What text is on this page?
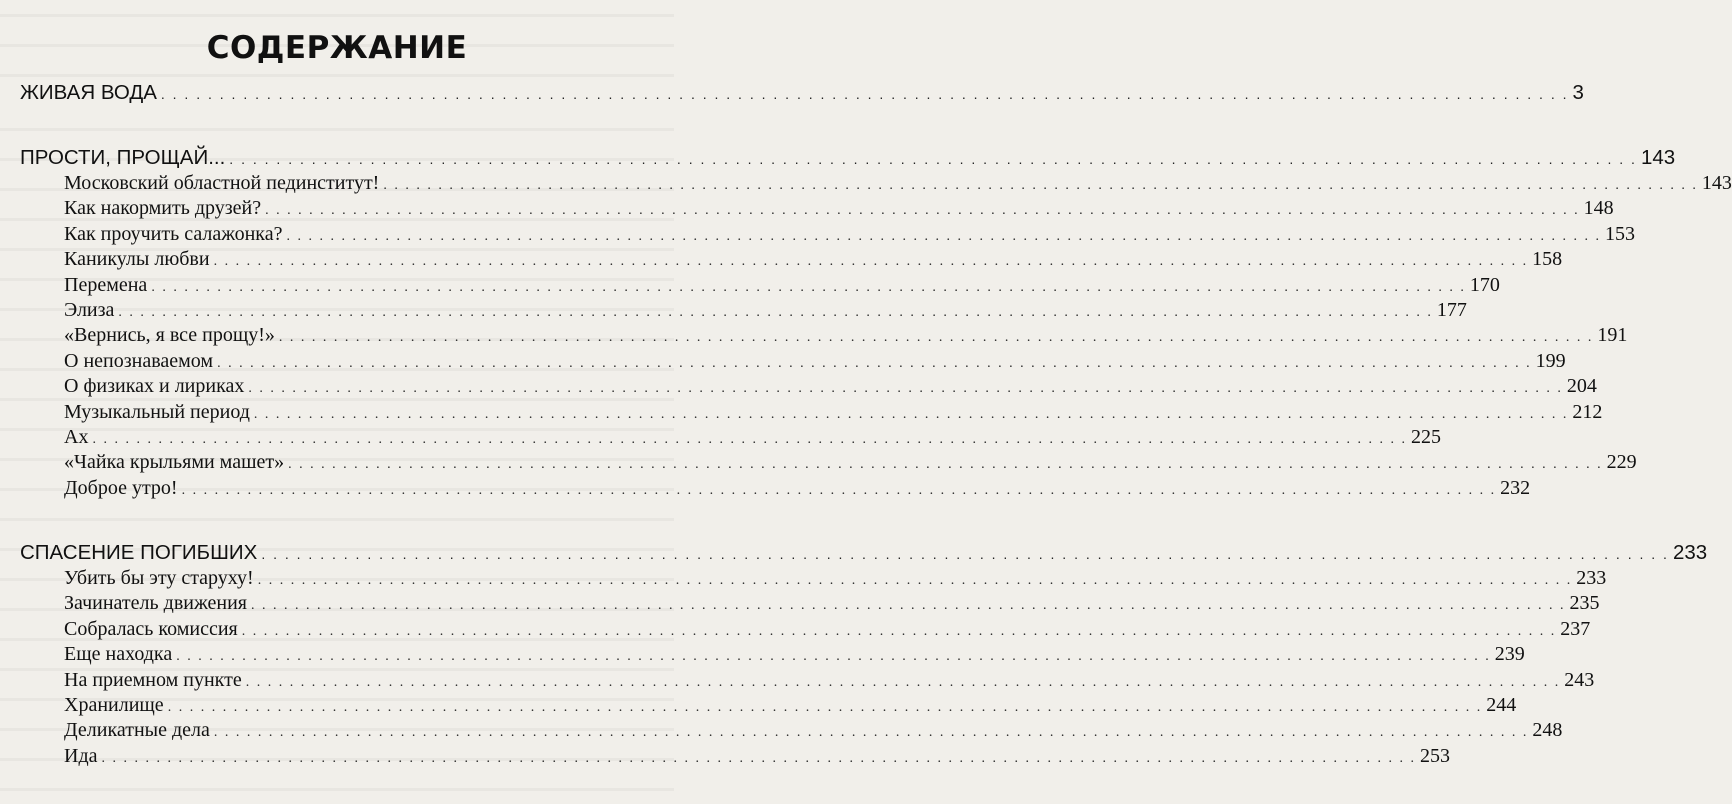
СОДЕРЖАНИЕ
ЖИВАЯ ВОДА . . . . . . . . . . . . . . . . . . . . . . . . . . . . . . . . . . . . . . . . . . . . . . . . . . . . . . . . . . . . . . . . . . . . . . . . . . . . . . . . . . . . . . . . . . . . . . . . . . . . . . . . . . . . . . . . . . . . . . . . 3
ПРОСТИ, ПРОЩАЙ... . . . . . . . . . . . . . . . . . . . . . . . . . . . . . . . . . . . . . . . . . . . . . . . . . . . . . . . . . . . . . . . . . . . . . . . . . . . . . . . . . . . . . . . . . . . . . . . . . . . . . . . . . . . . . . . . . . . . . . . . 143
Московский областной пединститут! . . . . . . . . . . . . . . . . . . . . . . . . . . . . . . . . . . . . . . . . . . . . . . . . . . . . . . . . . . . . . . . . . . . . . . . . . . . . . . . . . . . . . . . . . . . . . . . . . . . . . . . . . . . . . . . . . . . . . . . . 143
Как накормить друзей? . . . . . . . . . . . . . . . . . . . . . . . . . . . . . . . . . . . . . . . . . . . . . . . . . . . . . . . . . . . . . . . . . . . . . . . . . . . . . . . . . . . . . . . . . . . . . . . . . . . . . . . . . . . . . . . . . . . . . . . . 148
Как проучить салажонка? . . . . . . . . . . . . . . . . . . . . . . . . . . . . . . . . . . . . . . . . . . . . . . . . . . . . . . . . . . . . . . . . . . . . . . . . . . . . . . . . . . . . . . . . . . . . . . . . . . . . . . . . . . . . . . . . . . . . . . . . 153
Каникулы любви . . . . . . . . . . . . . . . . . . . . . . . . . . . . . . . . . . . . . . . . . . . . . . . . . . . . . . . . . . . . . . . . . . . . . . . . . . . . . . . . . . . . . . . . . . . . . . . . . . . . . . . . . . . . . . . . . . . . . . . . 158
Перемена . . . . . . . . . . . . . . . . . . . . . . . . . . . . . . . . . . . . . . . . . . . . . . . . . . . . . . . . . . . . . . . . . . . . . . . . . . . . . . . . . . . . . . . . . . . . . . . . . . . . . . . . . . . . . . . . . . . . . . . . 170
Элиза . . . . . . . . . . . . . . . . . . . . . . . . . . . . . . . . . . . . . . . . . . . . . . . . . . . . . . . . . . . . . . . . . . . . . . . . . . . . . . . . . . . . . . . . . . . . . . . . . . . . . . . . . . . . . . . . . . . . . . . . 177
«Вернись, я все прощу!» . . . . . . . . . . . . . . . . . . . . . . . . . . . . . . . . . . . . . . . . . . . . . . . . . . . . . . . . . . . . . . . . . . . . . . . . . . . . . . . . . . . . . . . . . . . . . . . . . . . . . . . . . . . . . . . . . . . . . . . . 191
О непознаваемом . . . . . . . . . . . . . . . . . . . . . . . . . . . . . . . . . . . . . . . . . . . . . . . . . . . . . . . . . . . . . . . . . . . . . . . . . . . . . . . . . . . . . . . . . . . . . . . . . . . . . . . . . . . . . . . . . . . . . . . . 199
О физиках и лириках . . . . . . . . . . . . . . . . . . . . . . . . . . . . . . . . . . . . . . . . . . . . . . . . . . . . . . . . . . . . . . . . . . . . . . . . . . . . . . . . . . . . . . . . . . . . . . . . . . . . . . . . . . . . . . . . . . . . . . . . 204
Музыкальный период . . . . . . . . . . . . . . . . . . . . . . . . . . . . . . . . . . . . . . . . . . . . . . . . . . . . . . . . . . . . . . . . . . . . . . . . . . . . . . . . . . . . . . . . . . . . . . . . . . . . . . . . . . . . . . . . . . . . . . . . 212
Ах . . . . . . . . . . . . . . . . . . . . . . . . . . . . . . . . . . . . . . . . . . . . . . . . . . . . . . . . . . . . . . . . . . . . . . . . . . . . . . . . . . . . . . . . . . . . . . . . . . . . . . . . . . . . . . . . . . . . . . . . 225
«Чайка крыльями машет» . . . . . . . . . . . . . . . . . . . . . . . . . . . . . . . . . . . . . . . . . . . . . . . . . . . . . . . . . . . . . . . . . . . . . . . . . . . . . . . . . . . . . . . . . . . . . . . . . . . . . . . . . . . . . . . . . . . . . . . . 229
Доброе утро! . . . . . . . . . . . . . . . . . . . . . . . . . . . . . . . . . . . . . . . . . . . . . . . . . . . . . . . . . . . . . . . . . . . . . . . . . . . . . . . . . . . . . . . . . . . . . . . . . . . . . . . . . . . . . . . . . . . . . . . . 232
СПАСЕНИЕ ПОГИБШИХ . . . . . . . . . . . . . . . . . . . . . . . . . . . . . . . . . . . . . . . . . . . . . . . . . . . . . . . . . . . . . . . . . . . . . . . . . . . . . . . . . . . . . . . . . . . . . . . . . . . . . . . . . . . . . . . . . . . . . . . . 233
Убить бы эту старуху! . . . . . . . . . . . . . . . . . . . . . . . . . . . . . . . . . . . . . . . . . . . . . . . . . . . . . . . . . . . . . . . . . . . . . . . . . . . . . . . . . . . . . . . . . . . . . . . . . . . . . . . . . . . . . . . . . . . . . . . . 233
Зачинатель движения . . . . . . . . . . . . . . . . . . . . . . . . . . . . . . . . . . . . . . . . . . . . . . . . . . . . . . . . . . . . . . . . . . . . . . . . . . . . . . . . . . . . . . . . . . . . . . . . . . . . . . . . . . . . . . . . . . . . . . . . 235
Собралась комиссия . . . . . . . . . . . . . . . . . . . . . . . . . . . . . . . . . . . . . . . . . . . . . . . . . . . . . . . . . . . . . . . . . . . . . . . . . . . . . . . . . . . . . . . . . . . . . . . . . . . . . . . . . . . . . . . . . . . . . . . . 237
Еще находка . . . . . . . . . . . . . . . . . . . . . . . . . . . . . . . . . . . . . . . . . . . . . . . . . . . . . . . . . . . . . . . . . . . . . . . . . . . . . . . . . . . . . . . . . . . . . . . . . . . . . . . . . . . . . . . . . . . . . . . . 239
На приемном пункте . . . . . . . . . . . . . . . . . . . . . . . . . . . . . . . . . . . . . . . . . . . . . . . . . . . . . . . . . . . . . . . . . . . . . . . . . . . . . . . . . . . . . . . . . . . . . . . . . . . . . . . . . . . . . . . . . . . . . . . . 243
Хранилище . . . . . . . . . . . . . . . . . . . . . . . . . . . . . . . . . . . . . . . . . . . . . . . . . . . . . . . . . . . . . . . . . . . . . . . . . . . . . . . . . . . . . . . . . . . . . . . . . . . . . . . . . . . . . . . . . . . . . . . . 244
Деликатные дела . . . . . . . . . . . . . . . . . . . . . . . . . . . . . . . . . . . . . . . . . . . . . . . . . . . . . . . . . . . . . . . . . . . . . . . . . . . . . . . . . . . . . . . . . . . . . . . . . . . . . . . . . . . . . . . . . . . . . . . . 248
Ида . . . . . . . . . . . . . . . . . . . . . . . . . . . . . . . . . . . . . . . . . . . . . . . . . . . . . . . . . . . . . . . . . . . . . . . . . . . . . . . . . . . . . . . . . . . . . . . . . . . . . . . . . . . . . . . . . . . . . . . . 253
